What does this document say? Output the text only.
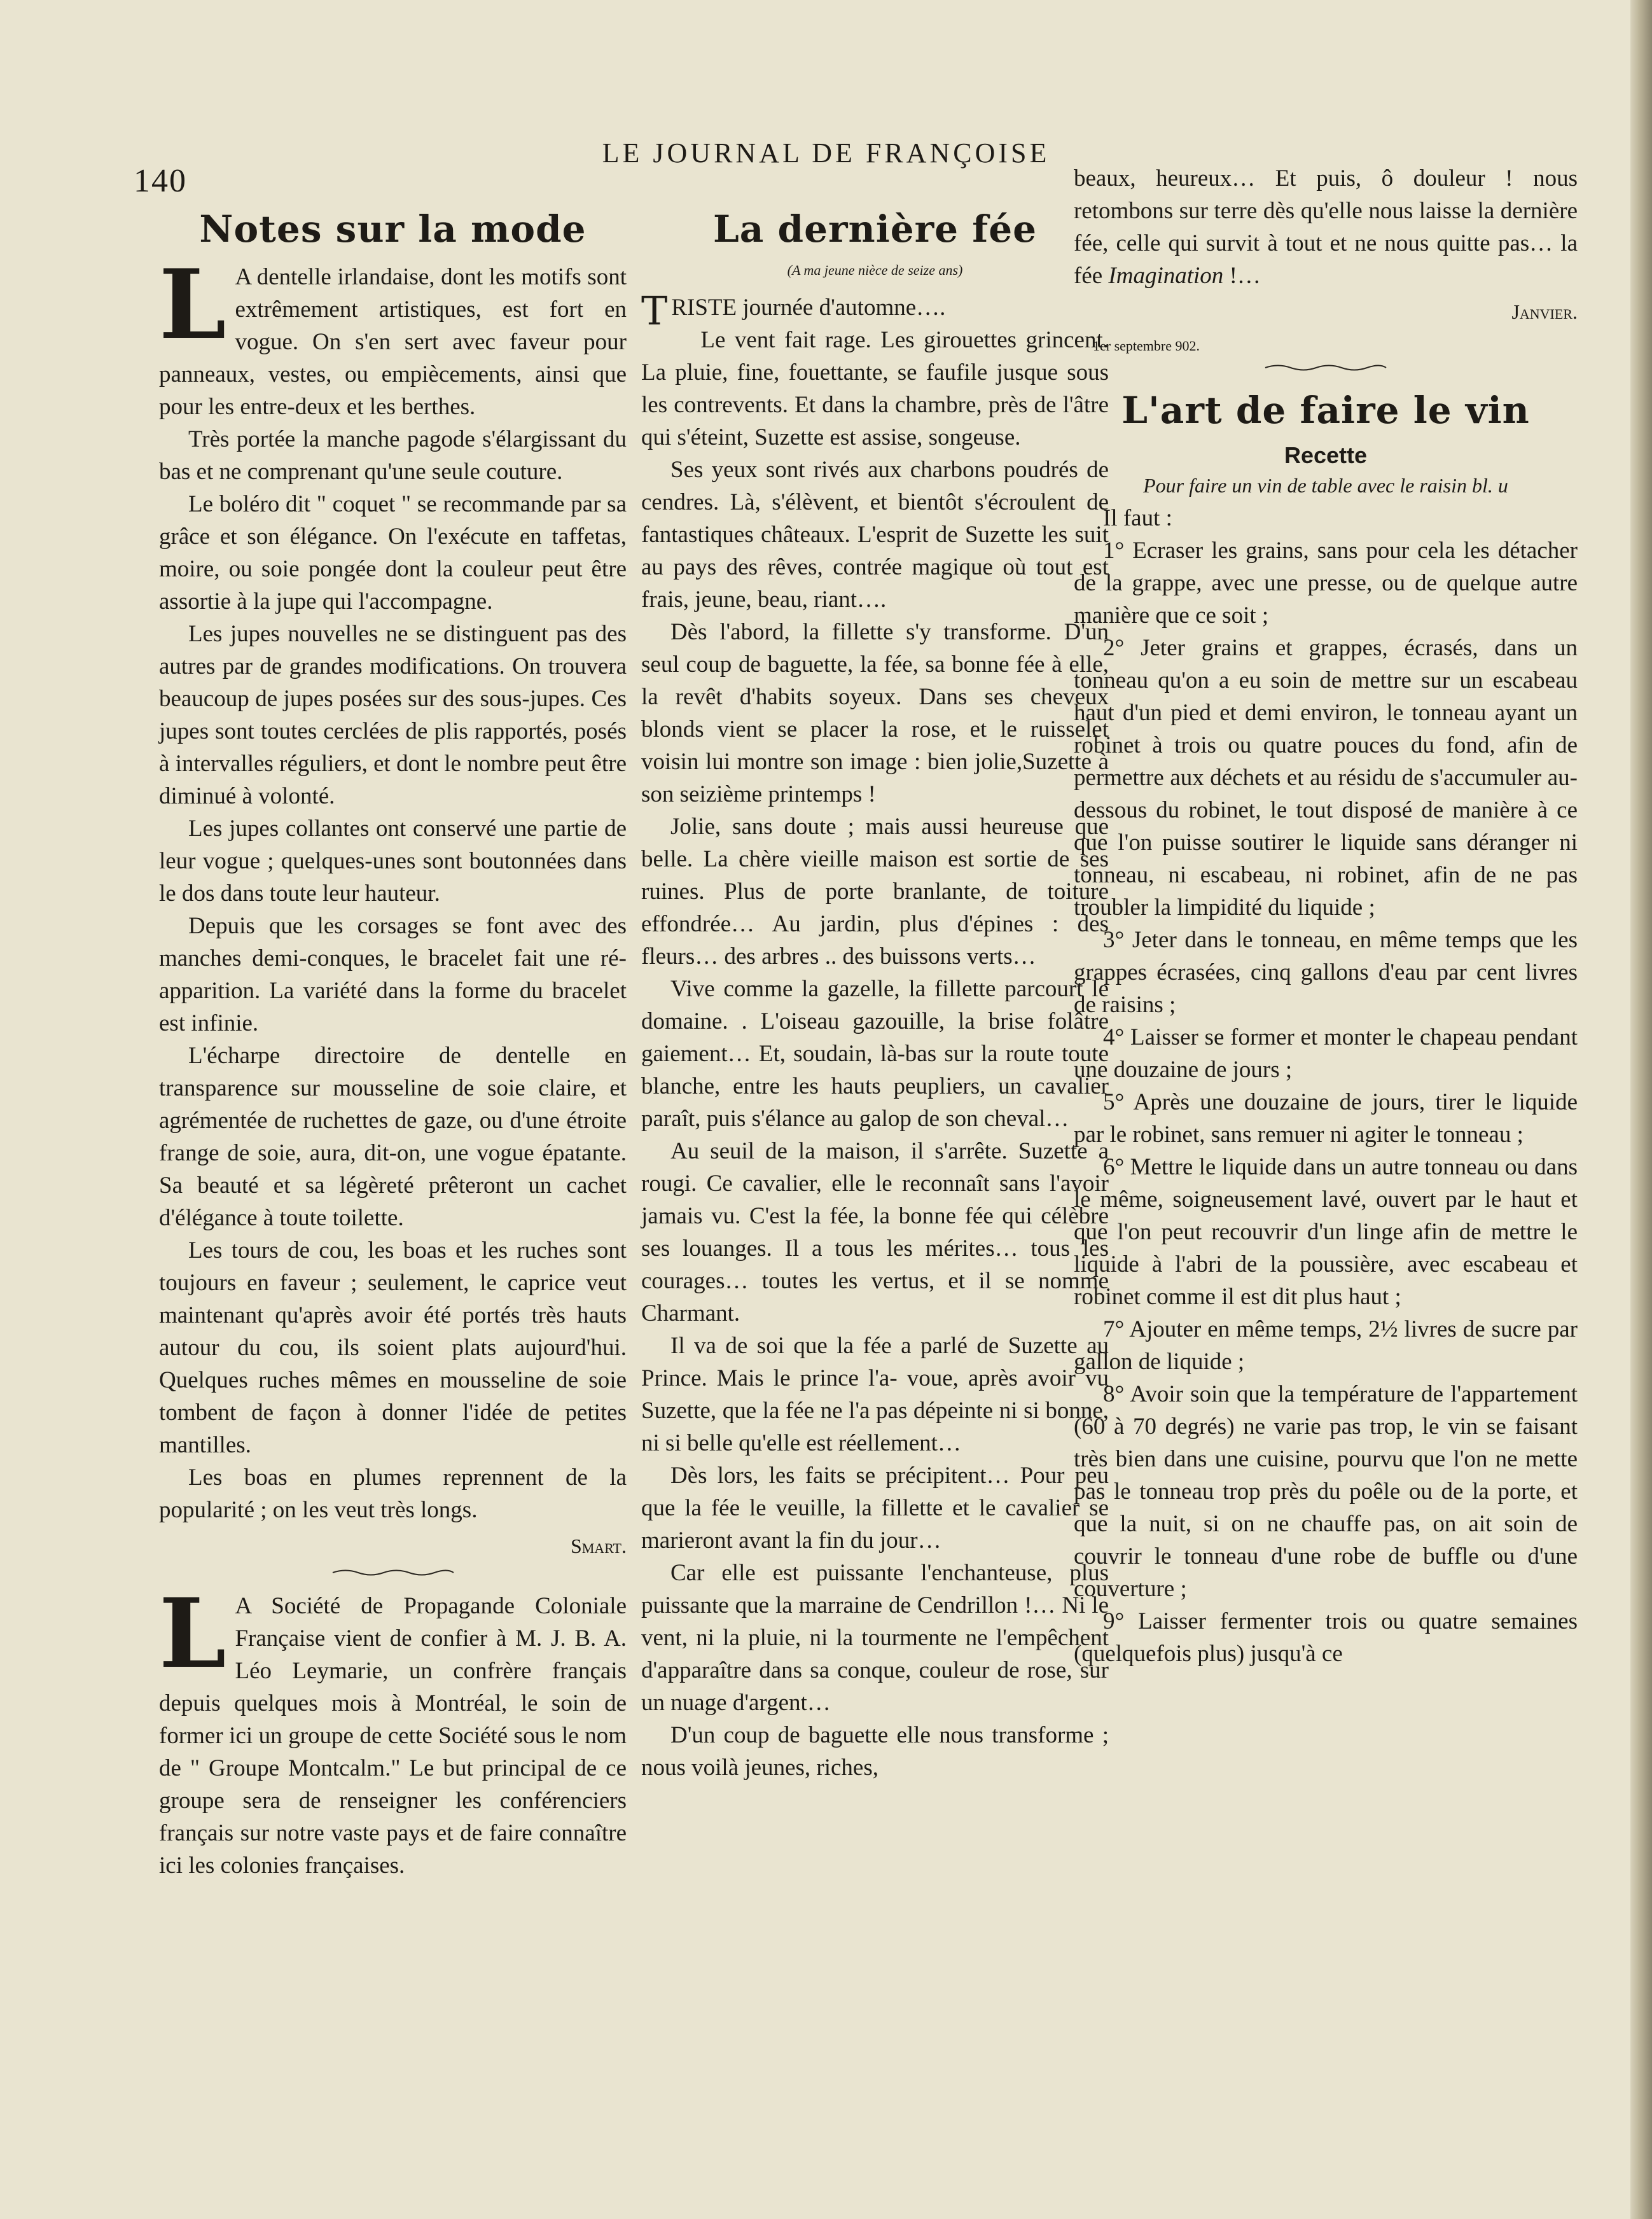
140
LE JOURNAL DE FRANÇOISE
Notes sur la mode

L A dentelle irlandaise, dont les motifs sont extrêmement artistiques, est fort en vogue. On s'en sert avec faveur pour panneaux, vestes, ou empiècements, ainsi que pour les entre-deux et les berthes.

Très portée la manche pagode s'élargissant du bas et ne comprenant qu'une seule couture.

Le boléro dit " coquet " se recommande par sa grâce et son élégance. On l'exécute en taffetas, moire, ou soie pongée dont la couleur peut être assortie à la jupe qui l'accompagne.

Les jupes nouvelles ne se distinguent pas des autres par de grandes modifications. On trouvera beaucoup de jupes posées sur des sous-jupes. Ces jupes sont toutes cerclées de plis rapportés, posés à intervalles réguliers, et dont le nombre peut être diminué à volonté.

Les jupes collantes ont conservé une partie de leur vogue ; quelques-unes sont boutonnées dans le dos dans toute leur hauteur.

Depuis que les corsages se font avec des manches demi-conques, le bracelet fait une ré-apparition. La variété dans la forme du bracelet est infinie.

L'écharpe directoire de dentelle en transparence sur mousseline de soie claire, et agrémentée de ruchettes de gaze, ou d'une étroite frange de soie, aura, dit-on, une vogue épatante. Sa beauté et sa légèreté prêteront un cachet d'élégance à toute toilette.

Les tours de cou, les boas et les ruches sont toujours en faveur ; seulement, le caprice veut maintenant qu'après avoir été portés très hauts autour du cou, ils soient plats aujourd'hui. Quelques ruches mêmes en mousseline de soie tombent de façon à donner l'idée de petites mantilles.

Les boas en plumes reprennent de la popularité ; on les veut très longs.

Smart.

L A Société de Propagande Coloniale Française vient de confier à M. J. B. A. Léo Leymarie, un confrère français depuis quelques mois à Montréal, le soin de former ici un groupe de cette Société sous le nom de " Groupe Montcalm." Le but principal de ce groupe sera de renseigner les conférenciers français sur notre vaste pays et de faire connaître ici les colonies françaises.

La dernière fée
(A ma jeune nièce de seize ans)

TRISTE journée d'automne….

Le vent fait rage. Les girouettes grincent. La pluie, fine, fouettante, se faufile jusque sous les contrevents. Et dans la chambre, près de l'âtre qui s'éteint, Suzette est assise, songeuse.

Ses yeux sont rivés aux charbons poudrés de cendres. Là, s'élèvent, et bientôt s'écroulent de fantastiques châteaux. L'esprit de Suzette les suit au pays des rêves, contrée magique où tout est frais, jeune, beau, riant….

Dès l'abord, la fillette s'y transforme. D'un seul coup de baguette, la fée, sa bonne fée à elle, la revêt d'habits soyeux. Dans ses cheveux blonds vient se placer la rose, et le ruisselet voisin lui montre son image : bien jolie,Suzette à son seizième printemps !

Jolie, sans doute ; mais aussi heureuse que belle. La chère vieille maison est sortie de ses ruines. Plus de porte branlante, de toiture effondrée… Au jardin, plus d'épines : des fleurs… des arbres .. des buissons verts…

Vive comme la gazelle, la fillette parcourt le domaine. . L'oiseau gazouille, la brise folâtre gaiement… Et, soudain, là-bas sur la route toute blanche, entre les hauts peupliers, un cavalier paraît, puis s'élance au galop de son cheval…

Au seuil de la maison, il s'arrête. Suzette a rougi. Ce cavalier, elle le reconnaît sans l'avoir jamais vu. C'est la fée, la bonne fée qui célèbre ses louanges. Il a tous les mérites… tous les courages… toutes les vertus, et il se nomme Charmant.

Il va de soi que la fée a parlé de Suzette au Prince. Mais le prince l'a- voue, après avoir vu Suzette, que la fée ne l'a pas dépeinte ni si bonne, ni si belle qu'elle est réellement…

Dès lors, les faits se précipitent… Pour peu que la fée le veuille, la fillette et le cavalier se marieront avant la fin du jour…

Car elle est puissante l'enchanteuse, plus puissante que la marraine de Cendrillon !… Ni le vent, ni la pluie, ni la tourmente ne l'empêchent d'apparaître dans sa conque, couleur de rose, sur un nuage d'argent…

D'un coup de baguette elle nous transforme ; nous voilà jeunes, riches,

beaux, heureux… Et puis, ô douleur ! nous retombons sur terre dès qu'elle nous laisse la dernière fée, celle qui survit à tout et ne nous quitte pas… la fée Imagination !…

Janvier.
1er septembre 902.
L'art de faire le vin
Recette
Pour faire un vin de table avec le raisin bl. u

Il faut :

1° Ecraser les grains, sans pour cela les détacher de la grappe, avec une presse, ou de quelque autre manière que ce soit ;

2° Jeter grains et grappes, écrasés, dans un tonneau qu'on a eu soin de mettre sur un escabeau haut d'un pied et demi environ, le tonneau ayant un robinet à trois ou quatre pouces du fond, afin de permettre aux déchets et au résidu de s'accumuler au-dessous du robinet, le tout disposé de manière à ce que l'on puisse soutirer le liquide sans déranger ni tonneau, ni escabeau, ni robinet, afin de ne pas troubler la limpidité du liquide ;

3° Jeter dans le tonneau, en même temps que les grappes écrasées, cinq gallons d'eau par cent livres de raisins ;

4° Laisser se former et monter le chapeau pendant une douzaine de jours ;

5° Après une douzaine de jours, tirer le liquide par le robinet, sans remuer ni agiter le tonneau ;

6° Mettre le liquide dans un autre tonneau ou dans le même, soigneusement lavé, ouvert par le haut et que l'on peut recouvrir d'un linge afin de mettre le liquide à l'abri de la poussière, avec escabeau et robinet comme il est dit plus haut ;

7° Ajouter en même temps, 2½ livres de sucre par gallon de liquide ;

8° Avoir soin que la température de l'appartement (60 à 70 degrés) ne varie pas trop, le vin se faisant très bien dans une cuisine, pourvu que l'on ne mette pas le tonneau trop près du poêle ou de la porte, et que la nuit, si on ne chauffe pas, on ait soin de couvrir le tonneau d'une robe de buffle ou d'une couverture ;

9° Laisser fermenter trois ou quatre semaines (quelquefois plus) jusqu'à ce
